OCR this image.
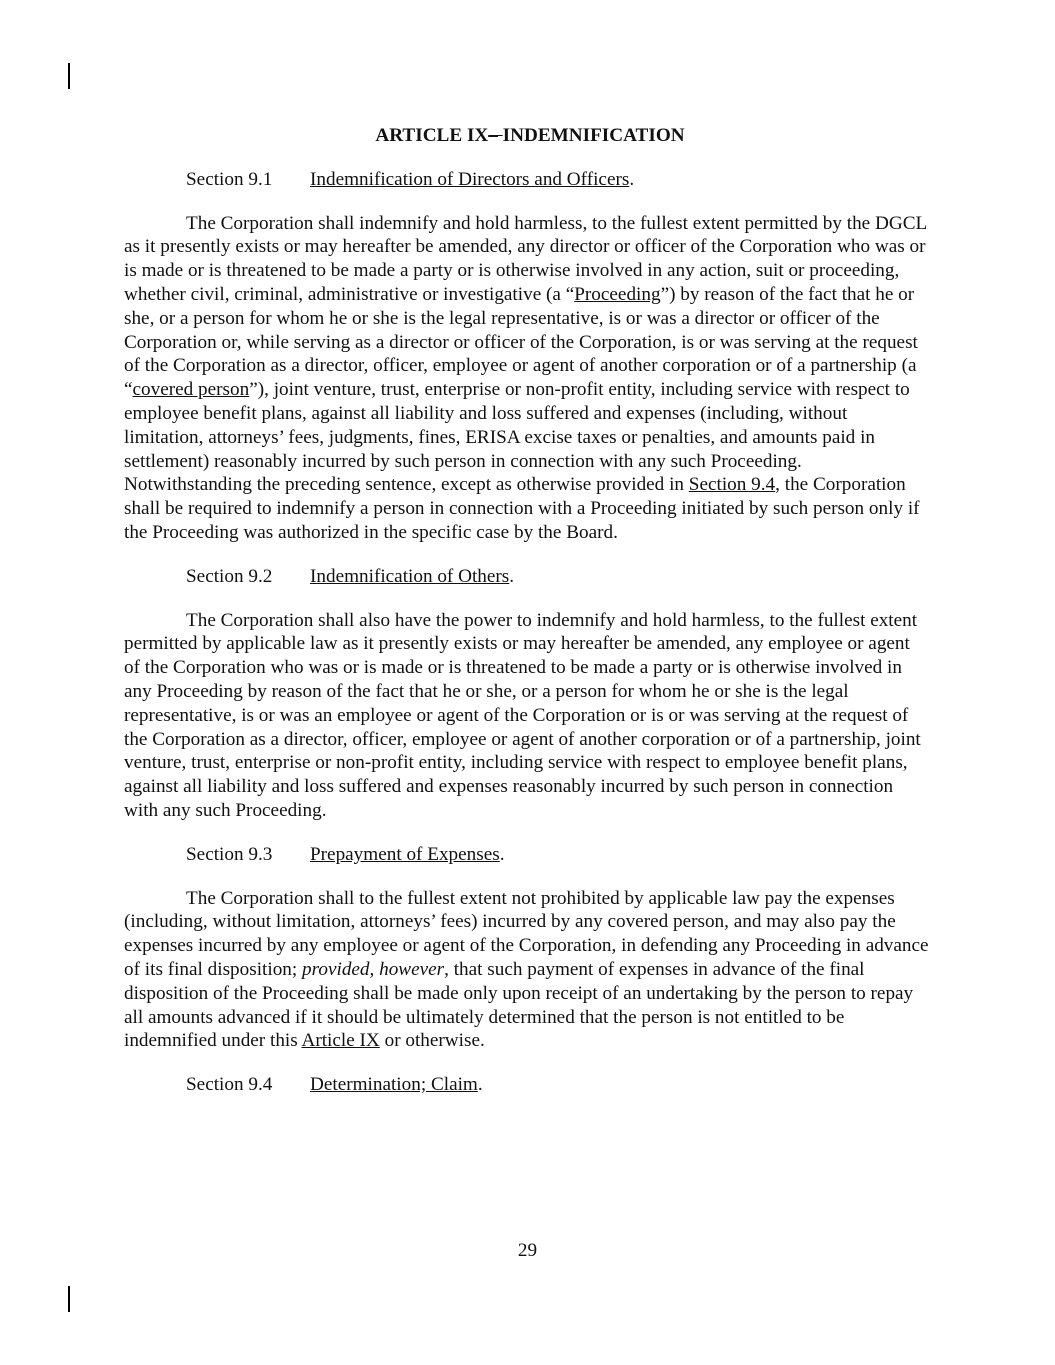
ARTICLE IX– INDEMNIFICATION
Section 9.1 Indemnification of Directors and Officers.

The Corporation shall indemnify and hold harmless, to the fullest extent permitted by the DGCL as it presently exists or may hereafter be amended, any director or officer of the Corporation who was or is made or is threatened to be made a party or is otherwise involved in any action, suit or proceeding, whether civil, criminal, administrative or investigative (a “Proceeding”) by reason of the fact that he or she, or a person for whom he or she is the legal representative, is or was a director or officer of the Corporation or, while serving as a director or officer of the Corporation, is or was serving at the request of the Corporation as a director, officer, employee or agent of another corporation or of a partnership (a “covered person”), joint venture, trust, enterprise or non-profit entity, including service with respect to employee benefit plans, against all liability and loss suffered and expenses (including, without limitation, attorneys’ fees, judgments, fines, ERISA excise taxes or penalties, and amounts paid in settlement) reasonably incurred by such person in connection with any such Proceeding. Notwithstanding the preceding sentence, except as otherwise provided in Section 9.4, the Corporation shall be required to indemnify a person in connection with a Proceeding initiated by such person only if the Proceeding was authorized in the specific case by the Board.

Section 9.2 Indemnification of Others.

The Corporation shall also have the power to indemnify and hold harmless, to the fullest extent permitted by applicable law as it presently exists or may hereafter be amended, any employee or agent of the Corporation who was or is made or is threatened to be made a party or is otherwise involved in any Proceeding by reason of the fact that he or she, or a person for whom he or she is the legal representative, is or was an employee or agent of the Corporation or is or was serving at the request of the Corporation as a director, officer, employee or agent of another corporation or of a partnership, joint venture, trust, enterprise or non-profit entity, including service with respect to employee benefit plans, against all liability and loss suffered and expenses reasonably incurred by such person in connection with any such Proceeding.

Section 9.3 Prepayment of Expenses.

The Corporation shall to the fullest extent not prohibited by applicable law pay the expenses (including, without limitation, attorneys’ fees) incurred by any covered person, and may also pay the expenses incurred by any employee or agent of the Corporation, in defending any Proceeding in advance of its final disposition; provided, however, that such payment of expenses in advance of the final disposition of the Proceeding shall be made only upon receipt of an undertaking by the person to repay all amounts advanced if it should be ultimately determined that the person is not entitled to be indemnified under this Article IX or otherwise.

Section 9.4 Determination; Claim.
29
